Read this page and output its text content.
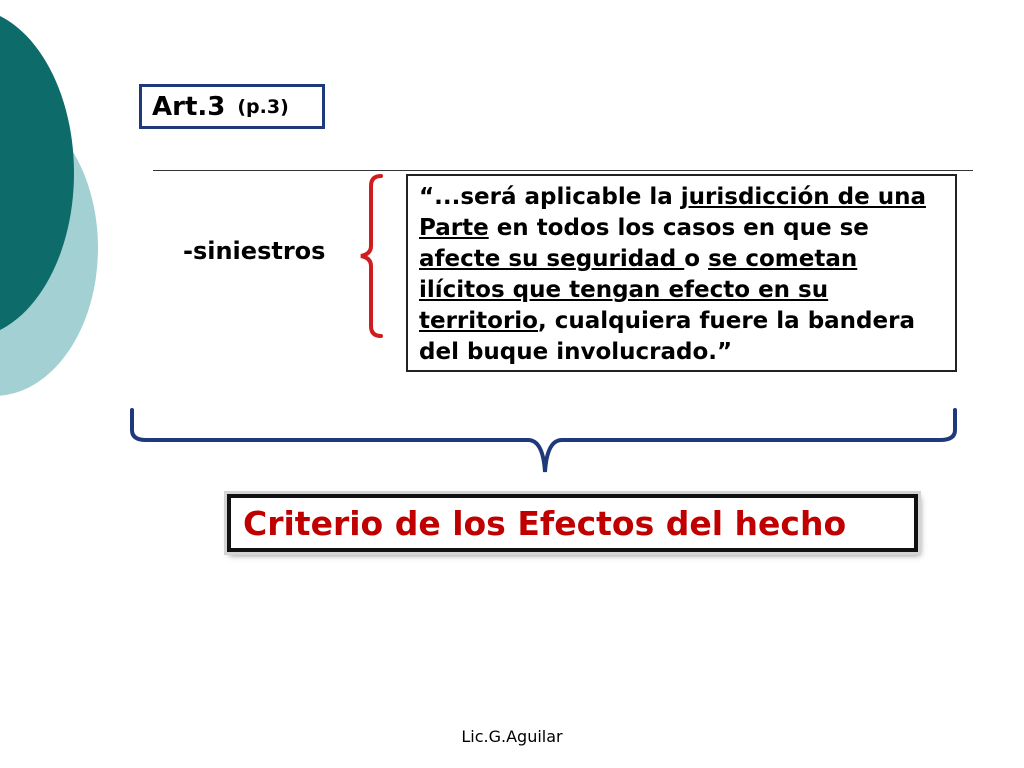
Art.3 (p.3)
-siniestros
“...será aplicable la jurisdicción de una Parte en todos los casos en que se afecte su seguridad o se cometan ilícitos que tengan efecto en su territorio, cualquiera fuere la bandera del buque involucrado.”
Criterio de los Efectos del hecho
Lic.G.Aguilar
